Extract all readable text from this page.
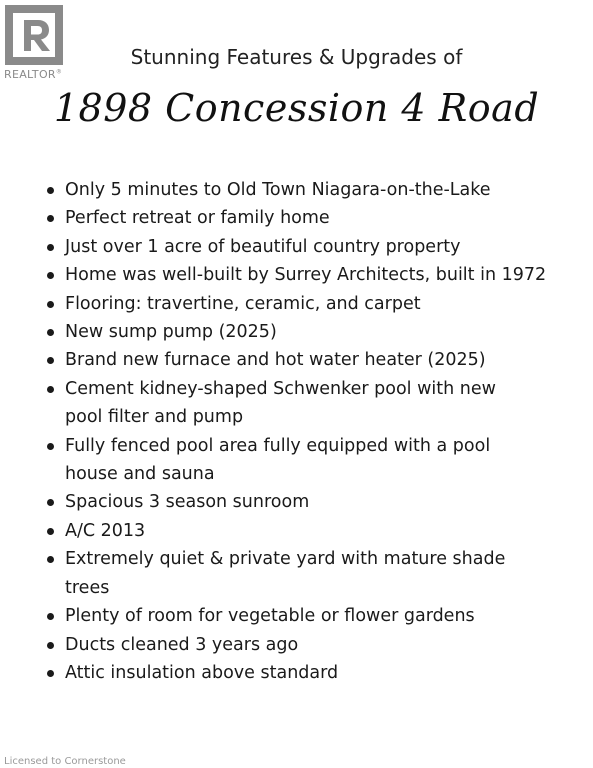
REALTOR®
Stunning Features & Upgrades of
1898 Concession 4 Road
Only 5 minutes to Old Town Niagara-on-the-Lake
Perfect retreat or family home
Just over 1 acre of beautiful country property
Home was well-built by Surrey Architects, built in 1972
Flooring: travertine, ceramic, and carpet
New sump pump (2025)
Brand new furnace and hot water heater (2025)
Cement kidney-shaped Schwenker pool with new
pool filter and pump
Fully fenced pool area fully equipped with a pool
house and sauna
Spacious 3 season sunroom
A/C 2013
Extremely quiet & private yard with mature shade
trees
Plenty of room for vegetable or flower gardens
Ducts cleaned 3 years ago
Attic insulation above standard
Licensed to Cornerstone
